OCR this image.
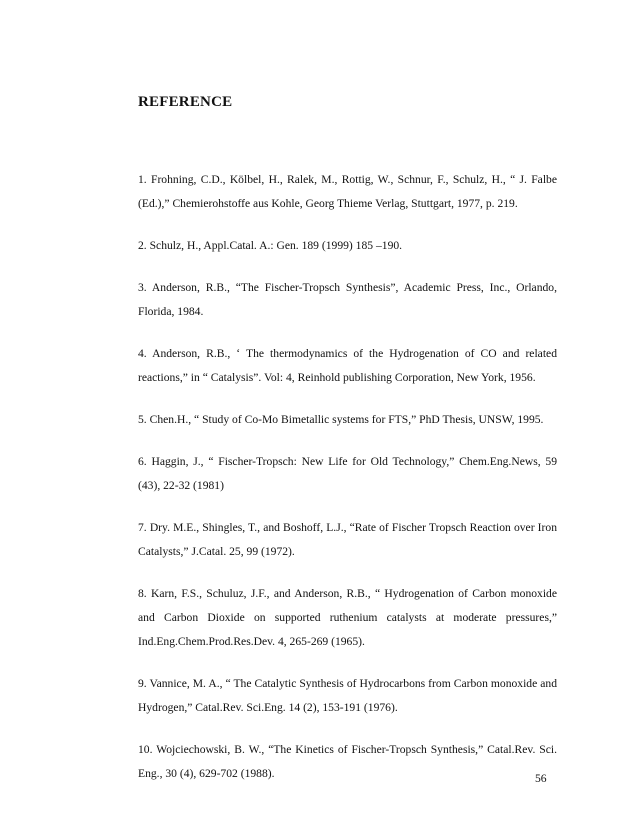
REFERENCE
1. Frohning, C.D., Kölbel, H., Ralek, M., Rottig, W., Schnur, F., Schulz, H., “ J. Falbe (Ed.),” Chemierohstoffe aus Kohle, Georg Thieme Verlag, Stuttgart, 1977, p. 219.
2. Schulz, H., Appl.Catal. A.: Gen. 189 (1999) 185 –190.
3. Anderson, R.B., “The Fischer-Tropsch Synthesis”, Academic Press, Inc., Orlando, Florida, 1984.
4. Anderson, R.B., ‘ The thermodynamics of the Hydrogenation of CO and related reactions,” in “ Catalysis”. Vol: 4, Reinhold publishing Corporation, New York, 1956.
5. Chen.H., “ Study of Co-Mo Bimetallic systems for FTS,” PhD Thesis, UNSW, 1995.
6. Haggin, J., “ Fischer-Tropsch: New Life for Old Technology,” Chem.Eng.News, 59 (43), 22-32 (1981)
7. Dry. M.E., Shingles, T., and Boshoff, L.J., “Rate of Fischer Tropsch Reaction over Iron Catalysts,” J.Catal. 25, 99 (1972).
8. Karn, F.S., Schuluz, J.F., and Anderson, R.B., “ Hydrogenation of Carbon monoxide and Carbon Dioxide on supported ruthenium catalysts at moderate pressures,” Ind.Eng.Chem.Prod.Res.Dev. 4, 265-269 (1965).
9. Vannice, M. A., “ The Catalytic Synthesis of Hydrocarbons from Carbon monoxide and Hydrogen,” Catal.Rev. Sci.Eng. 14 (2), 153-191 (1976).
10. Wojciechowski, B. W., “The Kinetics of Fischer-Tropsch Synthesis,” Catal.Rev. Sci. Eng., 30 (4), 629-702 (1988).	56
